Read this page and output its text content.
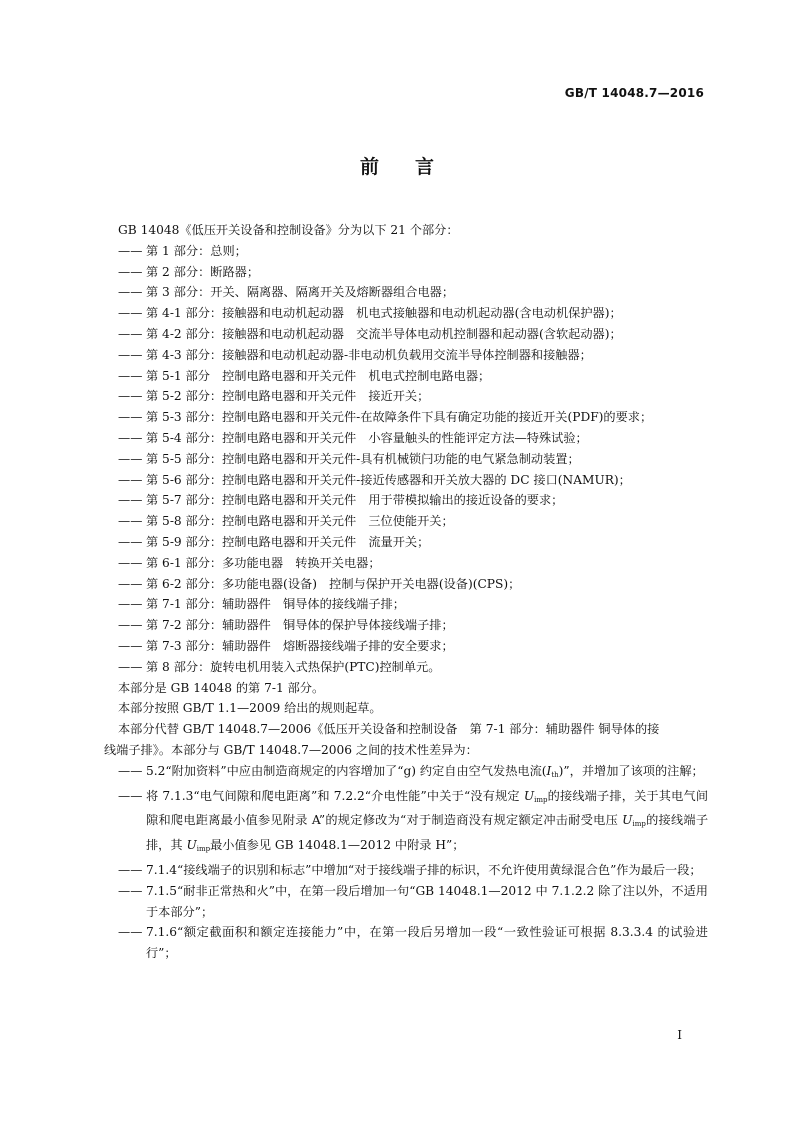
GB/T 14048.7—2016
前言

GB 14048《低压开关设备和控制设备》分为以下 21 个部分：

—— 第 1 部分：总则；
—— 第 2 部分：断路器；
—— 第 3 部分：开关、隔离器、隔离开关及熔断器组合电器；
—— 第 4-1 部分：接触器和电动机起动器　机电式接触器和电动机起动器(含电动机保护器)；
—— 第 4-2 部分：接触器和电动机起动器　交流半导体电动机控制器和起动器(含软起动器)；
—— 第 4-3 部分：接触器和电动机起动器-非电动机负载用交流半导体控制器和接触器；
—— 第 5-1 部分　控制电路电器和开关元件　机电式控制电路电器；
—— 第 5-2 部分：控制电路电器和开关元件　接近开关；
—— 第 5-3 部分：控制电路电器和开关元件-在故障条件下具有确定功能的接近开关(PDF)的要求；
—— 第 5-4 部分：控制电路电器和开关元件　小容量触头的性能评定方法—特殊试验；
—— 第 5-5 部分：控制电路电器和开关元件-具有机械锁闩功能的电气紧急制动装置；
—— 第 5-6 部分：控制电路电器和开关元件-接近传感器和开关放大器的 DC 接口(NAMUR)；
—— 第 5-7 部分：控制电路电器和开关元件　用于带模拟输出的接近设备的要求；
—— 第 5-8 部分：控制电路电器和开关元件　三位使能开关；
—— 第 5-9 部分：控制电路电器和开关元件　流量开关；
—— 第 6-1 部分：多功能电器　转换开关电器；
—— 第 6-2 部分：多功能电器(设备)　控制与保护开关电器(设备)(CPS)；
—— 第 7-1 部分：辅助器件　铜导体的接线端子排；
—— 第 7-2 部分：辅助器件　铜导体的保护导体接线端子排；
—— 第 7-3 部分：辅助器件　熔断器接线端子排的安全要求；
—— 第 8 部分：旋转电机用装入式热保护(PTC)控制单元。

本部分是 GB 14048 的第 7-1 部分。

本部分按照 GB/T 1.1—2009 给出的规则起草。

本部分代替 GB/T 14048.7—2006《低压开关设备和控制设备　第 7-1 部分：辅助器件 铜导体的接
线端子排》。本部分与 GB/T 14048.7—2006 之间的技术性差异为：
—— 5.2“附加资料”中应由制造商规定的内容增加了“g) 约定自由空气发热电流$(I_{th})$”，并增加了该项的注解；
—— 将 7.1.3“电气间隙和爬电距离”和 7.2.2“介电性能”中关于“没有规定 $U_{imp}$的接线端子排，关于其电气间隙和爬电距离最小值参见附录 A”的规定修改为“对于制造商没有规定额定冲击耐受电压 $U_{imp}$的接线端子排，其 $U_{imp}$最小值参见 GB 14048.1—2012 中附录 H”；
—— 7.1.4“接线端子的识别和标志”中增加“对于接线端子排的标识，不允许使用黄绿混合色”作为最后一段；
—— 7.1.5“耐非正常热和火”中，在第一段后增加一句“GB 14048.1—2012 中 7.1.2.2 除了注以外，不适用于本部分”；
—— 7.1.6“额定截面积和额定连接能力”中，在第一段后另增加一段“一致性验证可根据 8.3.3.4 的试验进行”；
I
